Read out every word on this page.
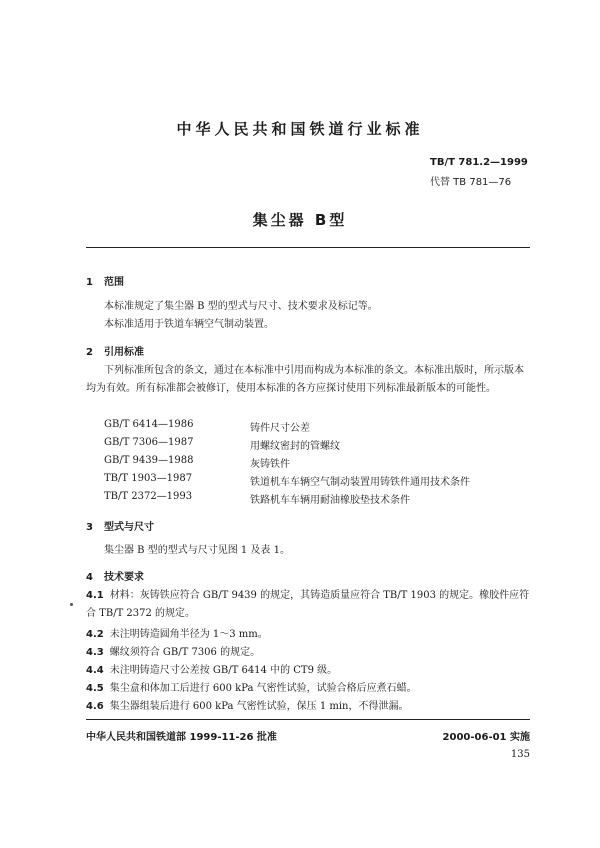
中华人民共和国铁道行业标准
TB/T 781.2—1999
代替 TB 781—76
集尘器 B型
1 范围
本标准规定了集尘器 B 型的型式与尺寸、技术要求及标记等。
本标准适用于铁道车辆空气制动装置。
2 引用标准
下列标准所包含的条文，通过在本标准中引用而构成为本标准的条文。本标准出版时，所示版本均为有效。所有标准都会被修订，使用本标准的各方应探讨使用下列标准最新版本的可能性。
GB/T 6414—1986	铸件尺寸公差
GB/T 7306—1987	用螺纹密封的管螺纹
GB/T 9439—1988	灰铸铁件
TB/T 1903—1987	铁道机车车辆空气制动装置用铸铁件通用技术条件
TB/T 2372—1993	铁路机车车辆用耐油橡胶垫技术条件
3 型式与尺寸
集尘器 B 型的型式与尺寸见图 1 及表 1。
4 技术要求
4.1 材料：灰铸铁应符合 GB/T 9439 的规定，其铸造质量应符合 TB/T 1903 的规定。橡胶件应符合 TB/T 2372 的规定。
4.2 未注明铸造圆角半径为 1～3 mm。
4.3 螺纹须符合 GB/T 7306 的规定。
4.4 未注明铸造尺寸公差按 GB/T 6414 中的 CT9 级。
4.5 集尘盒和体加工后进行 600 kPa 气密性试验，试验合格后应煮石蜡。
4.6 集尘器组装后进行 600 kPa 气密性试验，保压 1 min，不得泄漏。
中华人民共和国铁道部 1999-11-26 批准	2000-06-01 实施
135
